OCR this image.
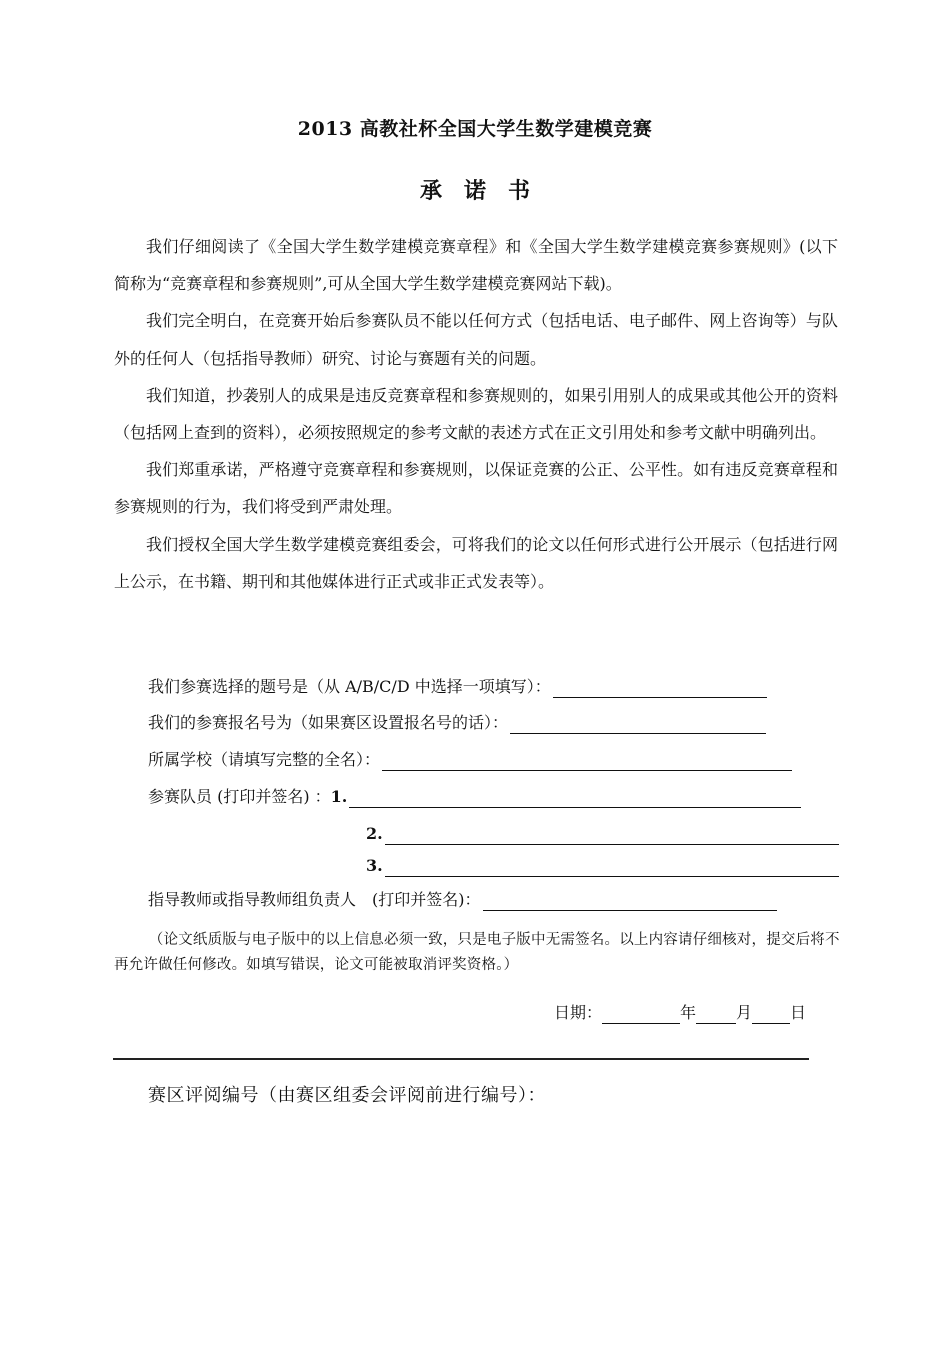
2013 高教社杯全国大学生数学建模竞赛
承诺书

我们仔细阅读了《全国大学生数学建模竞赛章程》和《全国大学生数学建模竞赛参赛规则》(以下简称为“竞赛章程和参赛规则”,可从全国大学生数学建模竞赛网站下载)。

我们完全明白，在竞赛开始后参赛队员不能以任何方式（包括电话、电子邮件、网上咨询等）与队外的任何人（包括指导教师）研究、讨论与赛题有关的问题。

我们知道，抄袭别人的成果是违反竞赛章程和参赛规则的，如果引用别人的成果或其他公开的资料（包括网上查到的资料），必须按照规定的参考文献的表述方式在正文引用处和参考文献中明确列出。

我们郑重承诺，严格遵守竞赛章程和参赛规则，以保证竞赛的公正、公平性。如有违反竞赛章程和参赛规则的行为，我们将受到严肃处理。

我们授权全国大学生数学建模竞赛组委会，可将我们的论文以任何形式进行公开展示（包括进行网上公示，在书籍、期刊和其他媒体进行正式或非正式发表等）。

我们参赛选择的题号是（从 A/B/C/D 中选择一项填写）：
我们的参赛报名号为（如果赛区设置报名号的话）：
所属学校（请填写完整的全名）：
参赛队员 (打印并签名) ： 1.
2.
3.
指导教师或指导教师组负责人　(打印并签名)：

（论文纸质版与电子版中的以上信息必须一致，只是电子版中无需签名。以上内容请仔细核对，提交后将不再允许做任何修改。如填写错误，论文可能被取消评奖资格。）

日期：	年	月 日
赛区评阅编号（由赛区组委会评阅前进行编号）：
